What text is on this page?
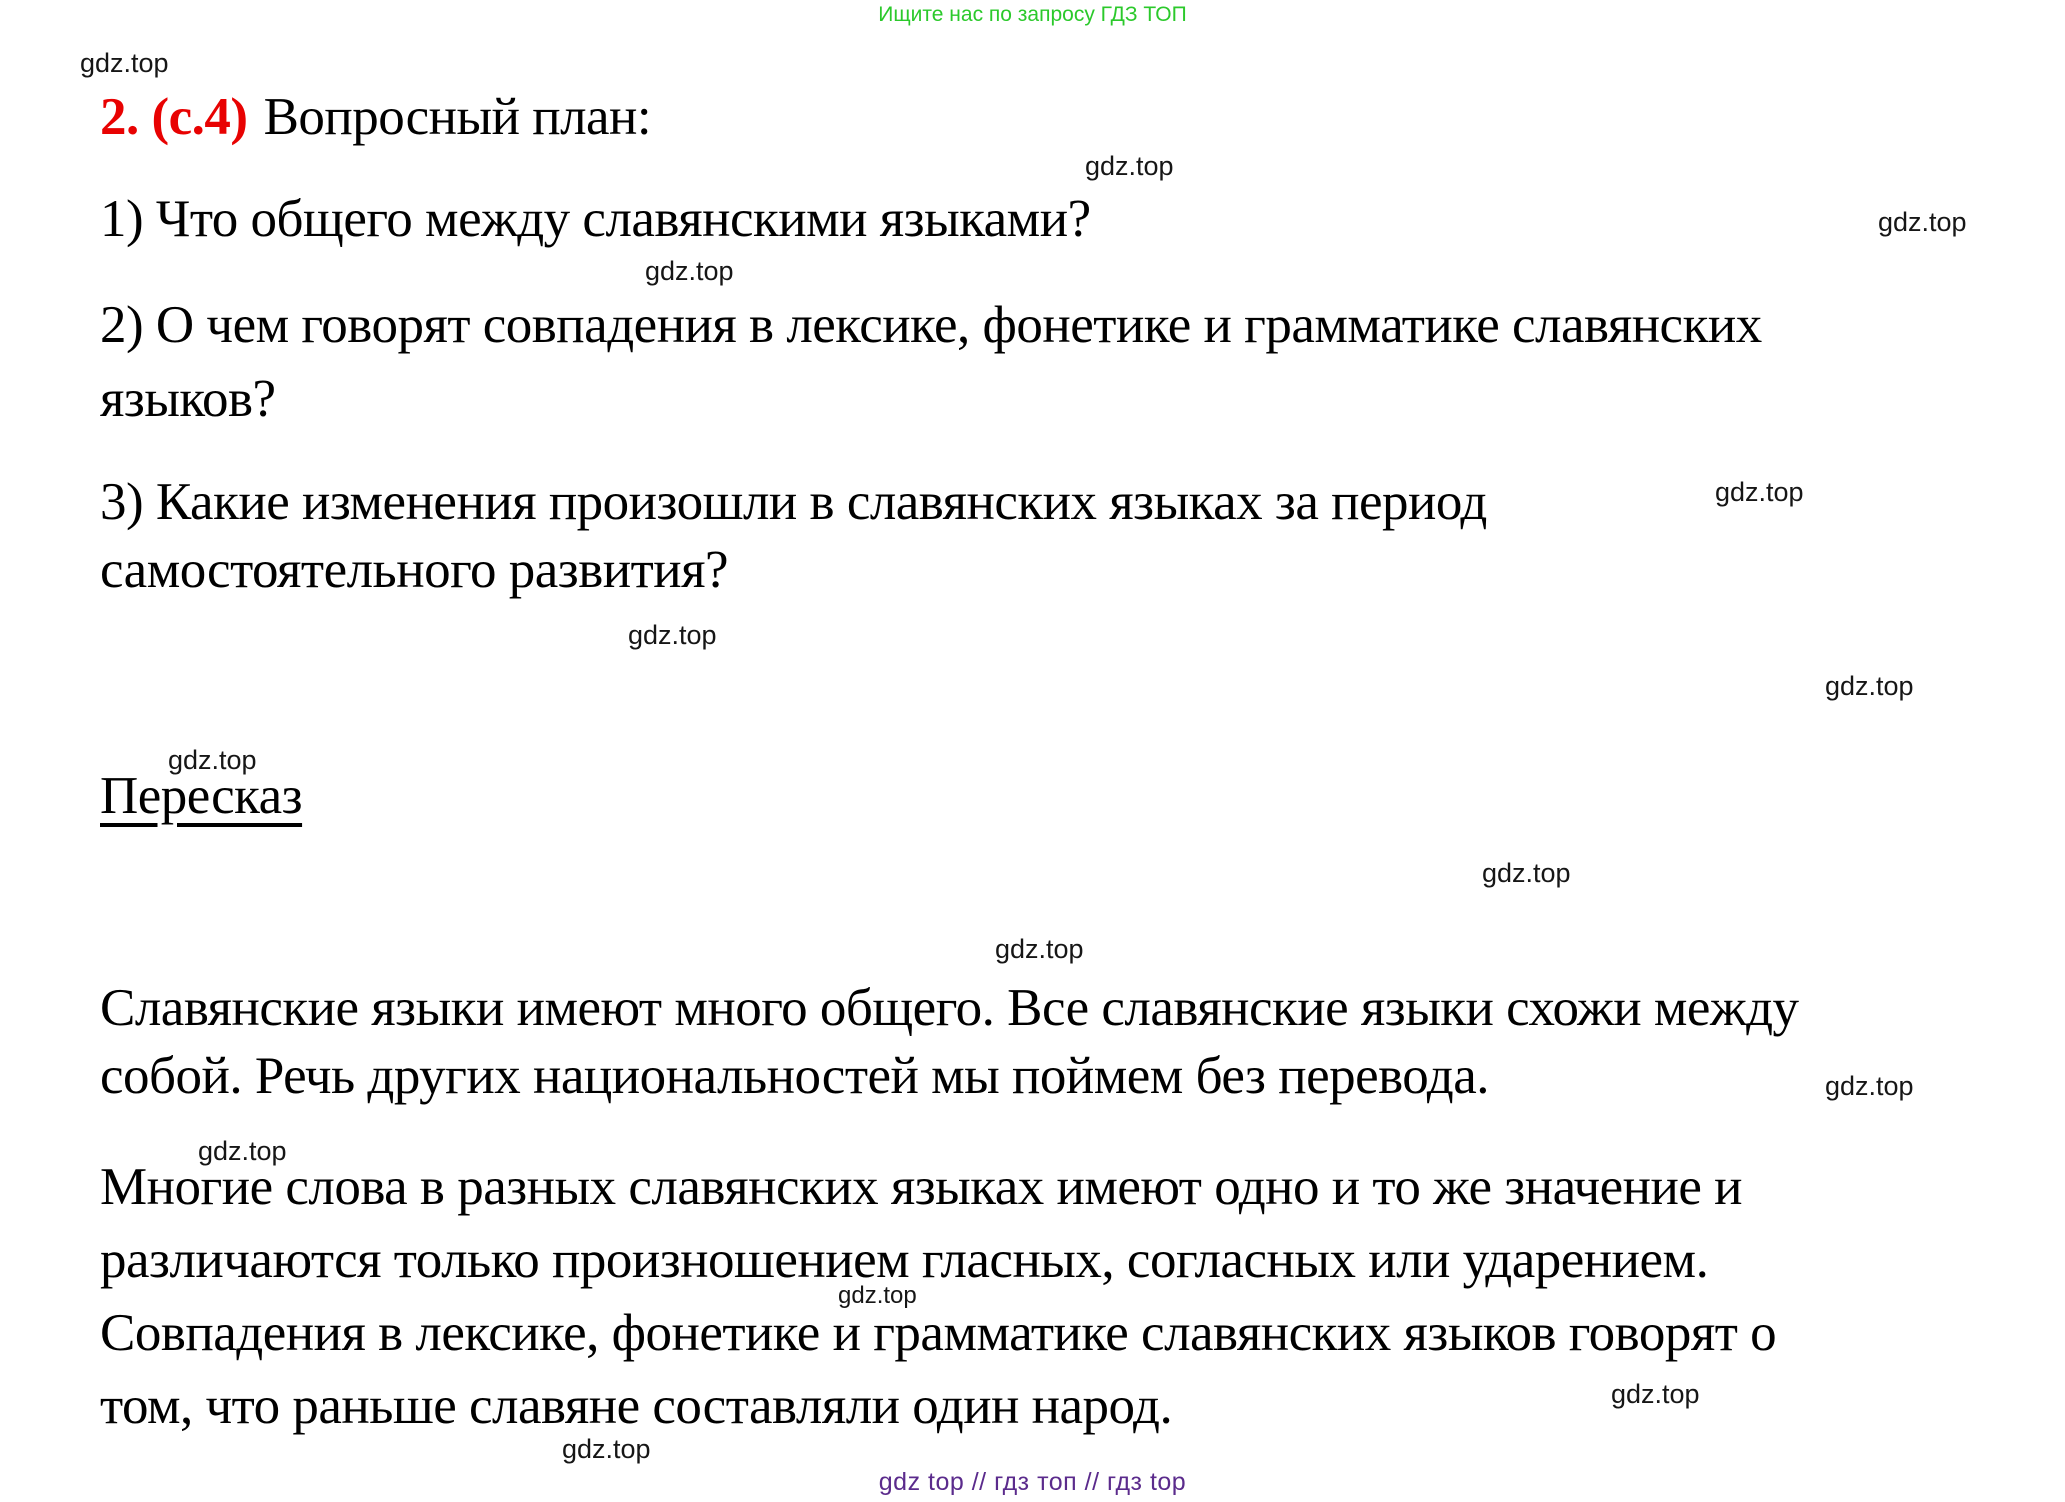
Ищите нас по запросу ГДЗ ТОП
gdz.top
gdz.top
gdz.top
gdz.top
gdz.top
gdz.top
gdz.top
gdz.top
gdz.top
gdz.top
gdz.top
gdz.top
gdz.top
gdz.top
gdz.top
2. (с.4) Вопросный план:
1) Что общего между славянскими языками?
2) О чем говорят совпадения в лексике, фонетике и грамматике славянских
языков?
3) Какие изменения произошли в славянских языках за период
самостоятельного развития?
Пересказ
Славянские языки имеют много общего. Все славянские языки схожи между
собой. Речь других национальностей мы поймем без перевода.
Многие слова в разных славянских языках имеют одно и то же значение и
различаются только произношением гласных, согласных или ударением.
Совпадения в лексике, фонетике и грамматике славянских языков говорят о
том, что раньше славяне составляли один народ.
gdz top // гдз топ // гдз top
